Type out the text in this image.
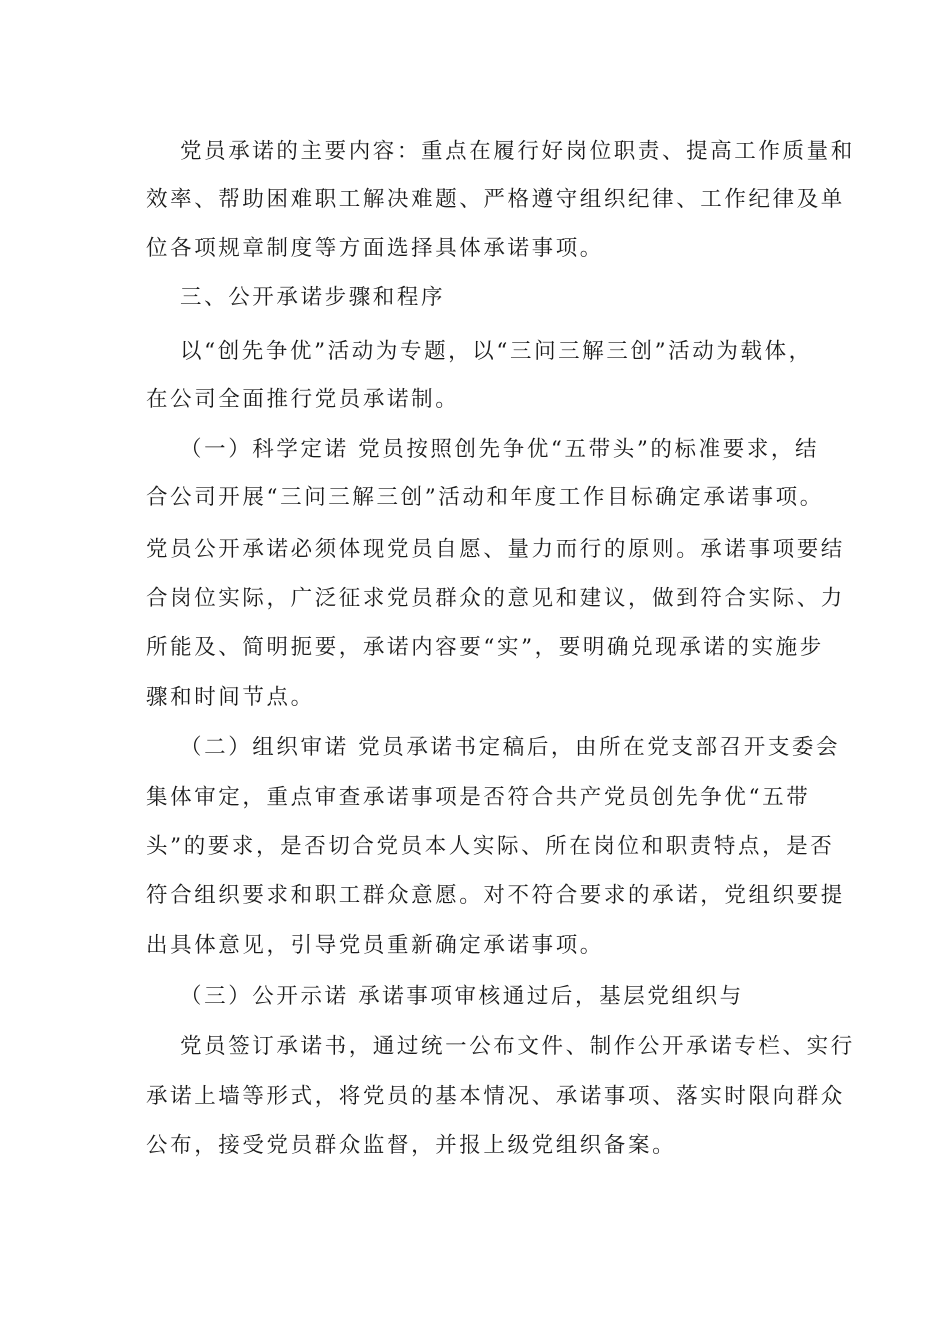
党员承诺的主要内容：重点在履行好岗位职责、提高工作质量和
效率、帮助困难职工解决难题、严格遵守组织纪律、工作纪律及单
位各项规章制度等方面选择具体承诺事项。
三、公开承诺步骤和程序
以“创先争优”活动为专题，以“三问三解三创”活动为载体，
在公司全面推行党员承诺制。
（一）科学定诺 党员按照创先争优“五带头”的标准要求，结
合公司开展“三问三解三创”活动和年度工作目标确定承诺事项。
党员公开承诺必须体现党员自愿、量力而行的原则。承诺事项要结
合岗位实际，广泛征求党员群众的意见和建议，做到符合实际、力
所能及、简明扼要，承诺内容要“实”，要明确兑现承诺的实施步
骤和时间节点。
（二）组织审诺 党员承诺书定稿后，由所在党支部召开支委会
集体审定，重点审查承诺事项是否符合共产党员创先争优“五带
头”的要求，是否切合党员本人实际、所在岗位和职责特点，是否
符合组织要求和职工群众意愿。对不符合要求的承诺，党组织要提
出具体意见，引导党员重新确定承诺事项。
（三）公开示诺 承诺事项审核通过后，基层党组织与
党员签订承诺书，通过统一公布文件、制作公开承诺专栏、实行
承诺上墙等形式，将党员的基本情况、承诺事项、落实时限向群众
公布，接受党员群众监督，并报上级党组织备案。
